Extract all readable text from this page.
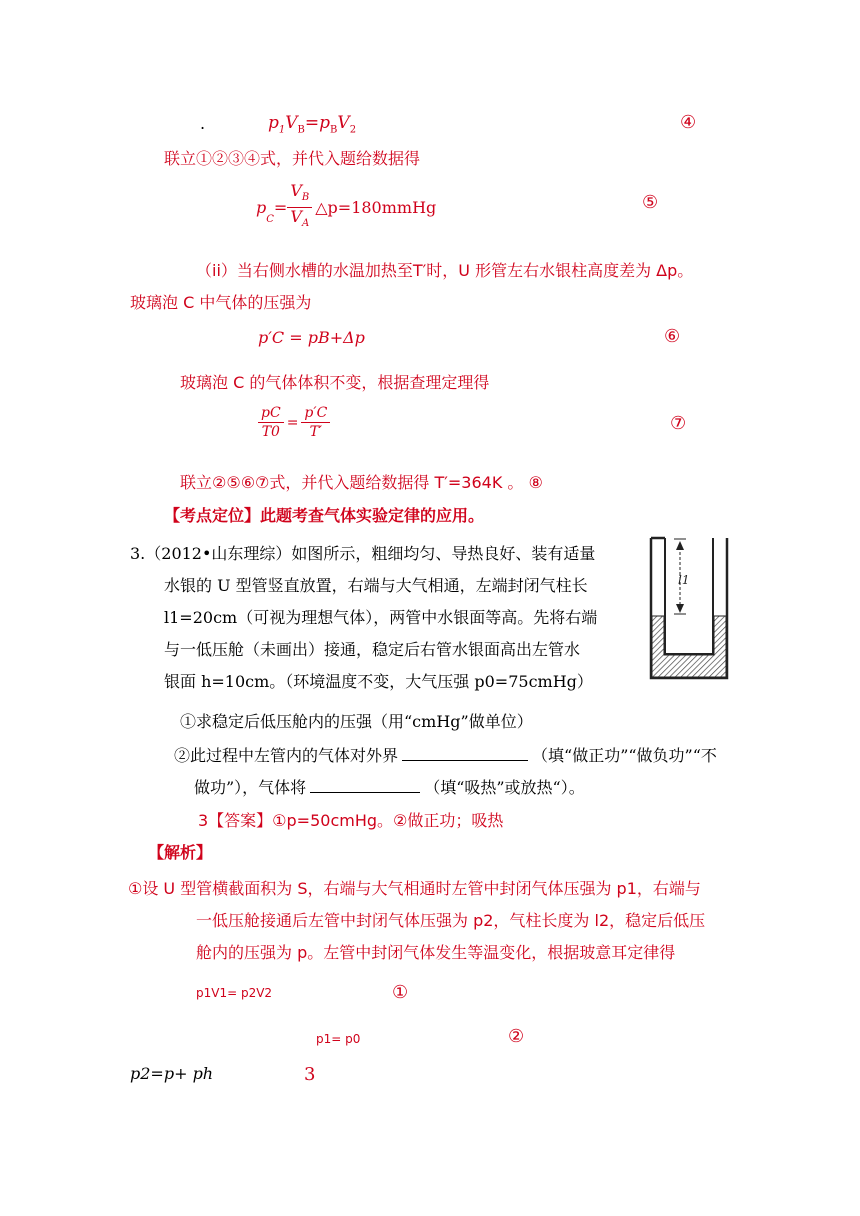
.	$p_1V_B=p_BV_2$	④
联立①②③④式，并代入题给数据得
p
$_C$
= $\frac{V_B}{V_A}$ △p=180mmHg	⑤
（ii）当右侧水槽的水温加热至T′时，U 形管左右水银柱高度差为 Δp。
玻璃泡 C 中气体的压强为
p′C = pB+Δp	⑥
玻璃泡 C 的气体体积不变，根据查理定理得
$\frac{pC}{T0} = \frac{p'C}{T'}$	⑦
联立②⑤⑥⑦式，并代入题给数据得 T′=364K 。 ⑧
【考点定位】此题考查气体实验定律的应用。
3.（2012•山东理综）如图所示，粗细均匀、导热良好、装有适量
水银的 U 型管竖直放置，右端与大气相通，左端封闭气柱长
l1=20cm（可视为理想气体），两管中水银面等高。先将右端
与一低压舱（未画出）接通，稳定后右管水银面高出左管水
银面 h=10cm。（环境温度不变，大气压强 p0=75cmHg）
①求稳定后低压舱内的压强（用“cmHg”做单位）
②此过程中左管内的气体对外界	（填“做正功”“做负功”“不
做功”），气体将	（填“吸热”或放热“）。
l1
3【答案】①p=50cmHg。②做正功；吸热
【解析】
①设 U 型管横截面积为 S，右端与大气相通时左管中封闭气体压强为 p1，右端与
一低压舱接通后左管中封闭气体压强为 p2，气柱长度为 l2，稳定后低压
舱内的压强为 p。左管中封闭气体发生等温变化，根据玻意耳定律得
p1V1= p2V2	①
p1= p0	②
p2=p+ ph	3
